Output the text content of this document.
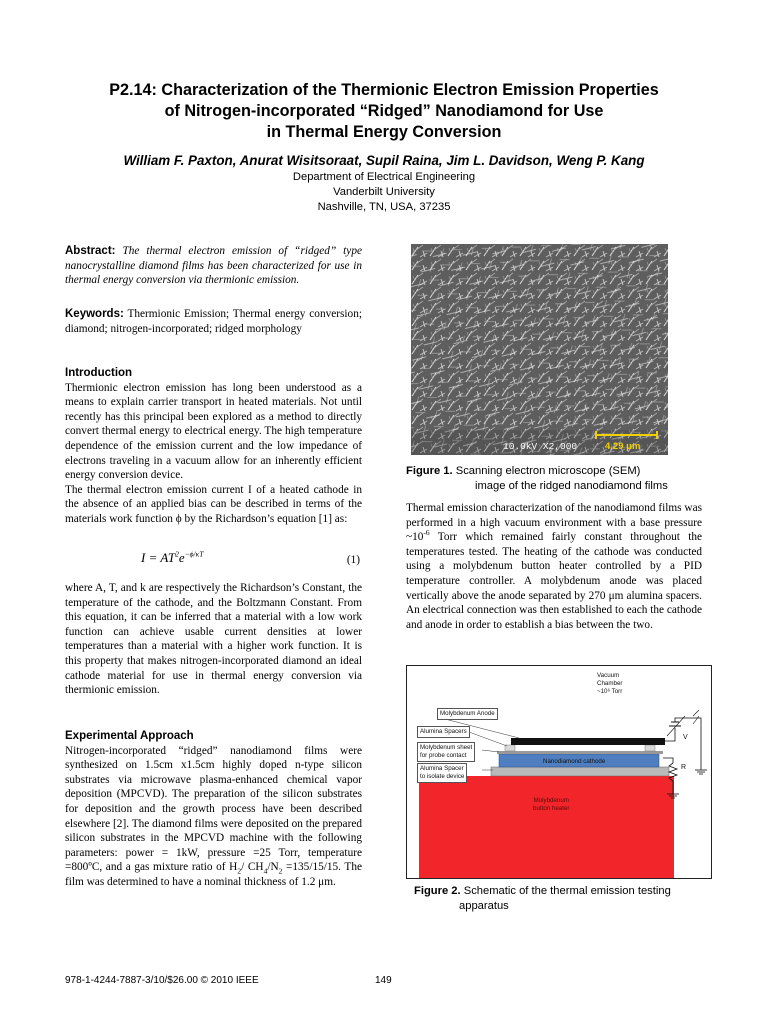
P2.14: Characterization of the Thermionic Electron Emission Properties
of Nitrogen-incorporated “Ridged” Nanodiamond for Use
in Thermal Energy Conversion
William F. Paxton, Anurat Wisitsoraat, Supil Raina, Jim L. Davidson, Weng P. Kang
Department of Electrical Engineering
Vanderbilt University
Nashville, TN, USA, 37235

Abstract: The thermal electron emission of “ridged” type nanocrystalline diamond films has been characterized for use in thermal energy conversion via thermionic emission.

Keywords: Thermionic Emission; Thermal energy conversion; diamond; nitrogen-incorporated; ridged morphology

Introduction

Thermionic electron emission has long been understood as a means to explain carrier transport in heated materials. Not until recently has this principal been explored as a method to directly convert thermal energy to electrical energy. The high temperature dependence of the emission current and the low impedance of electrons traveling in a vacuum allow for an inherently efficient energy conversion device.

The thermal electron emission current I of a heated cathode in the absence of an applied bias can be described in terms of the materials work function ϕ by the Richardson’s equation [1] as:

$I = AT^2e^{-\phi/\kappa T}$	(1)

where A, T, and k are respectively the Richardson’s Constant, the temperature of the cathode, and the Boltzmann Constant. From this equation, it can be inferred that a material with a low work function can achieve usable current densities at lower temperatures than a material with a higher work function. It is this property that makes nitrogen-incorporated diamond an ideal cathode material for use in thermal energy conversion via thermionic emission.

Experimental Approach

Nitrogen-incorporated “ridged” nanodiamond films were synthesized on 1.5cm x1.5cm highly doped n-type silicon substrates via microwave plasma-enhanced chemical vapor deposition (MPCVD). The preparation of the silicon substrates for deposition and the growth process have been described elsewhere [2]. The diamond films were deposited on the prepared silicon substrates in the MPCVD machine with the following parameters: power = 1kW, pressure =25 Torr, temperature =800ºC, and a gas mixture ratio of $H_2/$ $CH_4/N_2 =135/15/15$. The film was determined to have a nominal thickness of 1.2 μm.

10.0kV X2,000	4.29 μm
Figure 1. Scanning electron microscope (SEM)
image of the ridged nanodiamond films

Thermal emission characterization of the nanodiamond films was performed in a high vacuum environment with a base pressure $\sim 10^{-6}$ Torr which remained fairly constant throughout the temperatures tested. The heating of the cathode was conducted using a molybdenum button heater controlled by a PID temperature controller. A molybdenum anode was placed vertically above the anode separated by 270 μm alumina spacers. An electrical connection was then established to each the cathode and anode in order to establish a bias between the two.

Vacuum
Chamber
~10⁶ Torr
Molybdenum Anode
Alumina Spacers
Molybdenum sheet
for probe contact
Alumina Spacer
to isolate device
Nanodiamond cathode
Molybdenum
button heater
V
R
Figure 2. Schematic of the thermal emission testing
apparatus
978-1-4244-7887-3/10/$26.00 © 2010 IEEE	149
